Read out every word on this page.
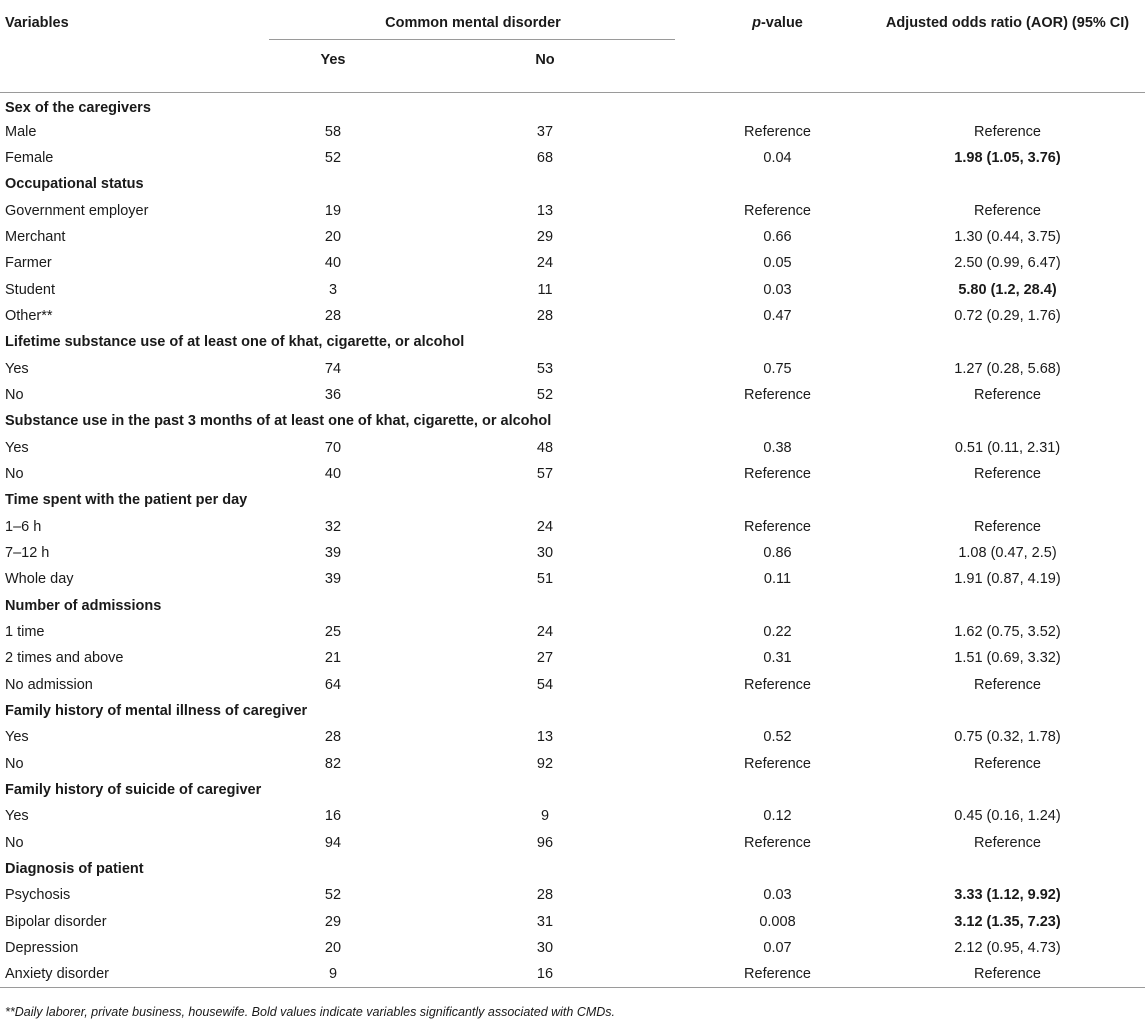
Variables	Common mental disorder		p-value	Adjusted odds ratio (AOR) (95% CI)
	Yes	No		
Sex of the caregivers				
Male	58	37	Reference	Reference
Female	52	68	0.04	1.98 (1.05, 3.76)
Occupational status				
Government employer	19	13	Reference	Reference
Merchant	20	29	0.66	1.30 (0.44, 3.75)
Farmer	40	24	0.05	2.50 (0.99, 6.47)
Student	3	11	0.03	5.80 (1.2, 28.4)
Other**	28	28	0.47	0.72 (0.29, 1.76)
Lifetime substance use of at least one of khat, cigarette, or alcohol				
Yes	74	53	0.75	1.27 (0.28, 5.68)
No	36	52	Reference	Reference
Substance use in the past 3 months of at least one of khat, cigarette, or alcohol				
Yes	70	48	0.38	0.51 (0.11, 2.31)
No	40	57	Reference	Reference
Time spent with the patient per day				
1–6 h	32	24	Reference	Reference
7–12 h	39	30	0.86	1.08 (0.47, 2.5)
Whole day	39	51	0.11	1.91 (0.87, 4.19)
Number of admissions				
1 time	25	24	0.22	1.62 (0.75, 3.52)
2 times and above	21	27	0.31	1.51 (0.69, 3.32)
No admission	64	54	Reference	Reference
Family history of mental illness of caregiver				
Yes	28	13	0.52	0.75 (0.32, 1.78)
No	82	92	Reference	Reference
Family history of suicide of caregiver				
Yes	16	9	0.12	0.45 (0.16, 1.24)
No	94	96	Reference	Reference
Diagnosis of patient				
Psychosis	52	28	0.03	3.33 (1.12, 9.92)
Bipolar disorder	29	31	0.008	3.12 (1.35, 7.23)
Depression	20	30	0.07	2.12 (0.95, 4.73)
Anxiety disorder	9	16	Reference	Reference
**Daily laborer, private business, housewife. Bold values indicate variables significantly associated with CMDs.
